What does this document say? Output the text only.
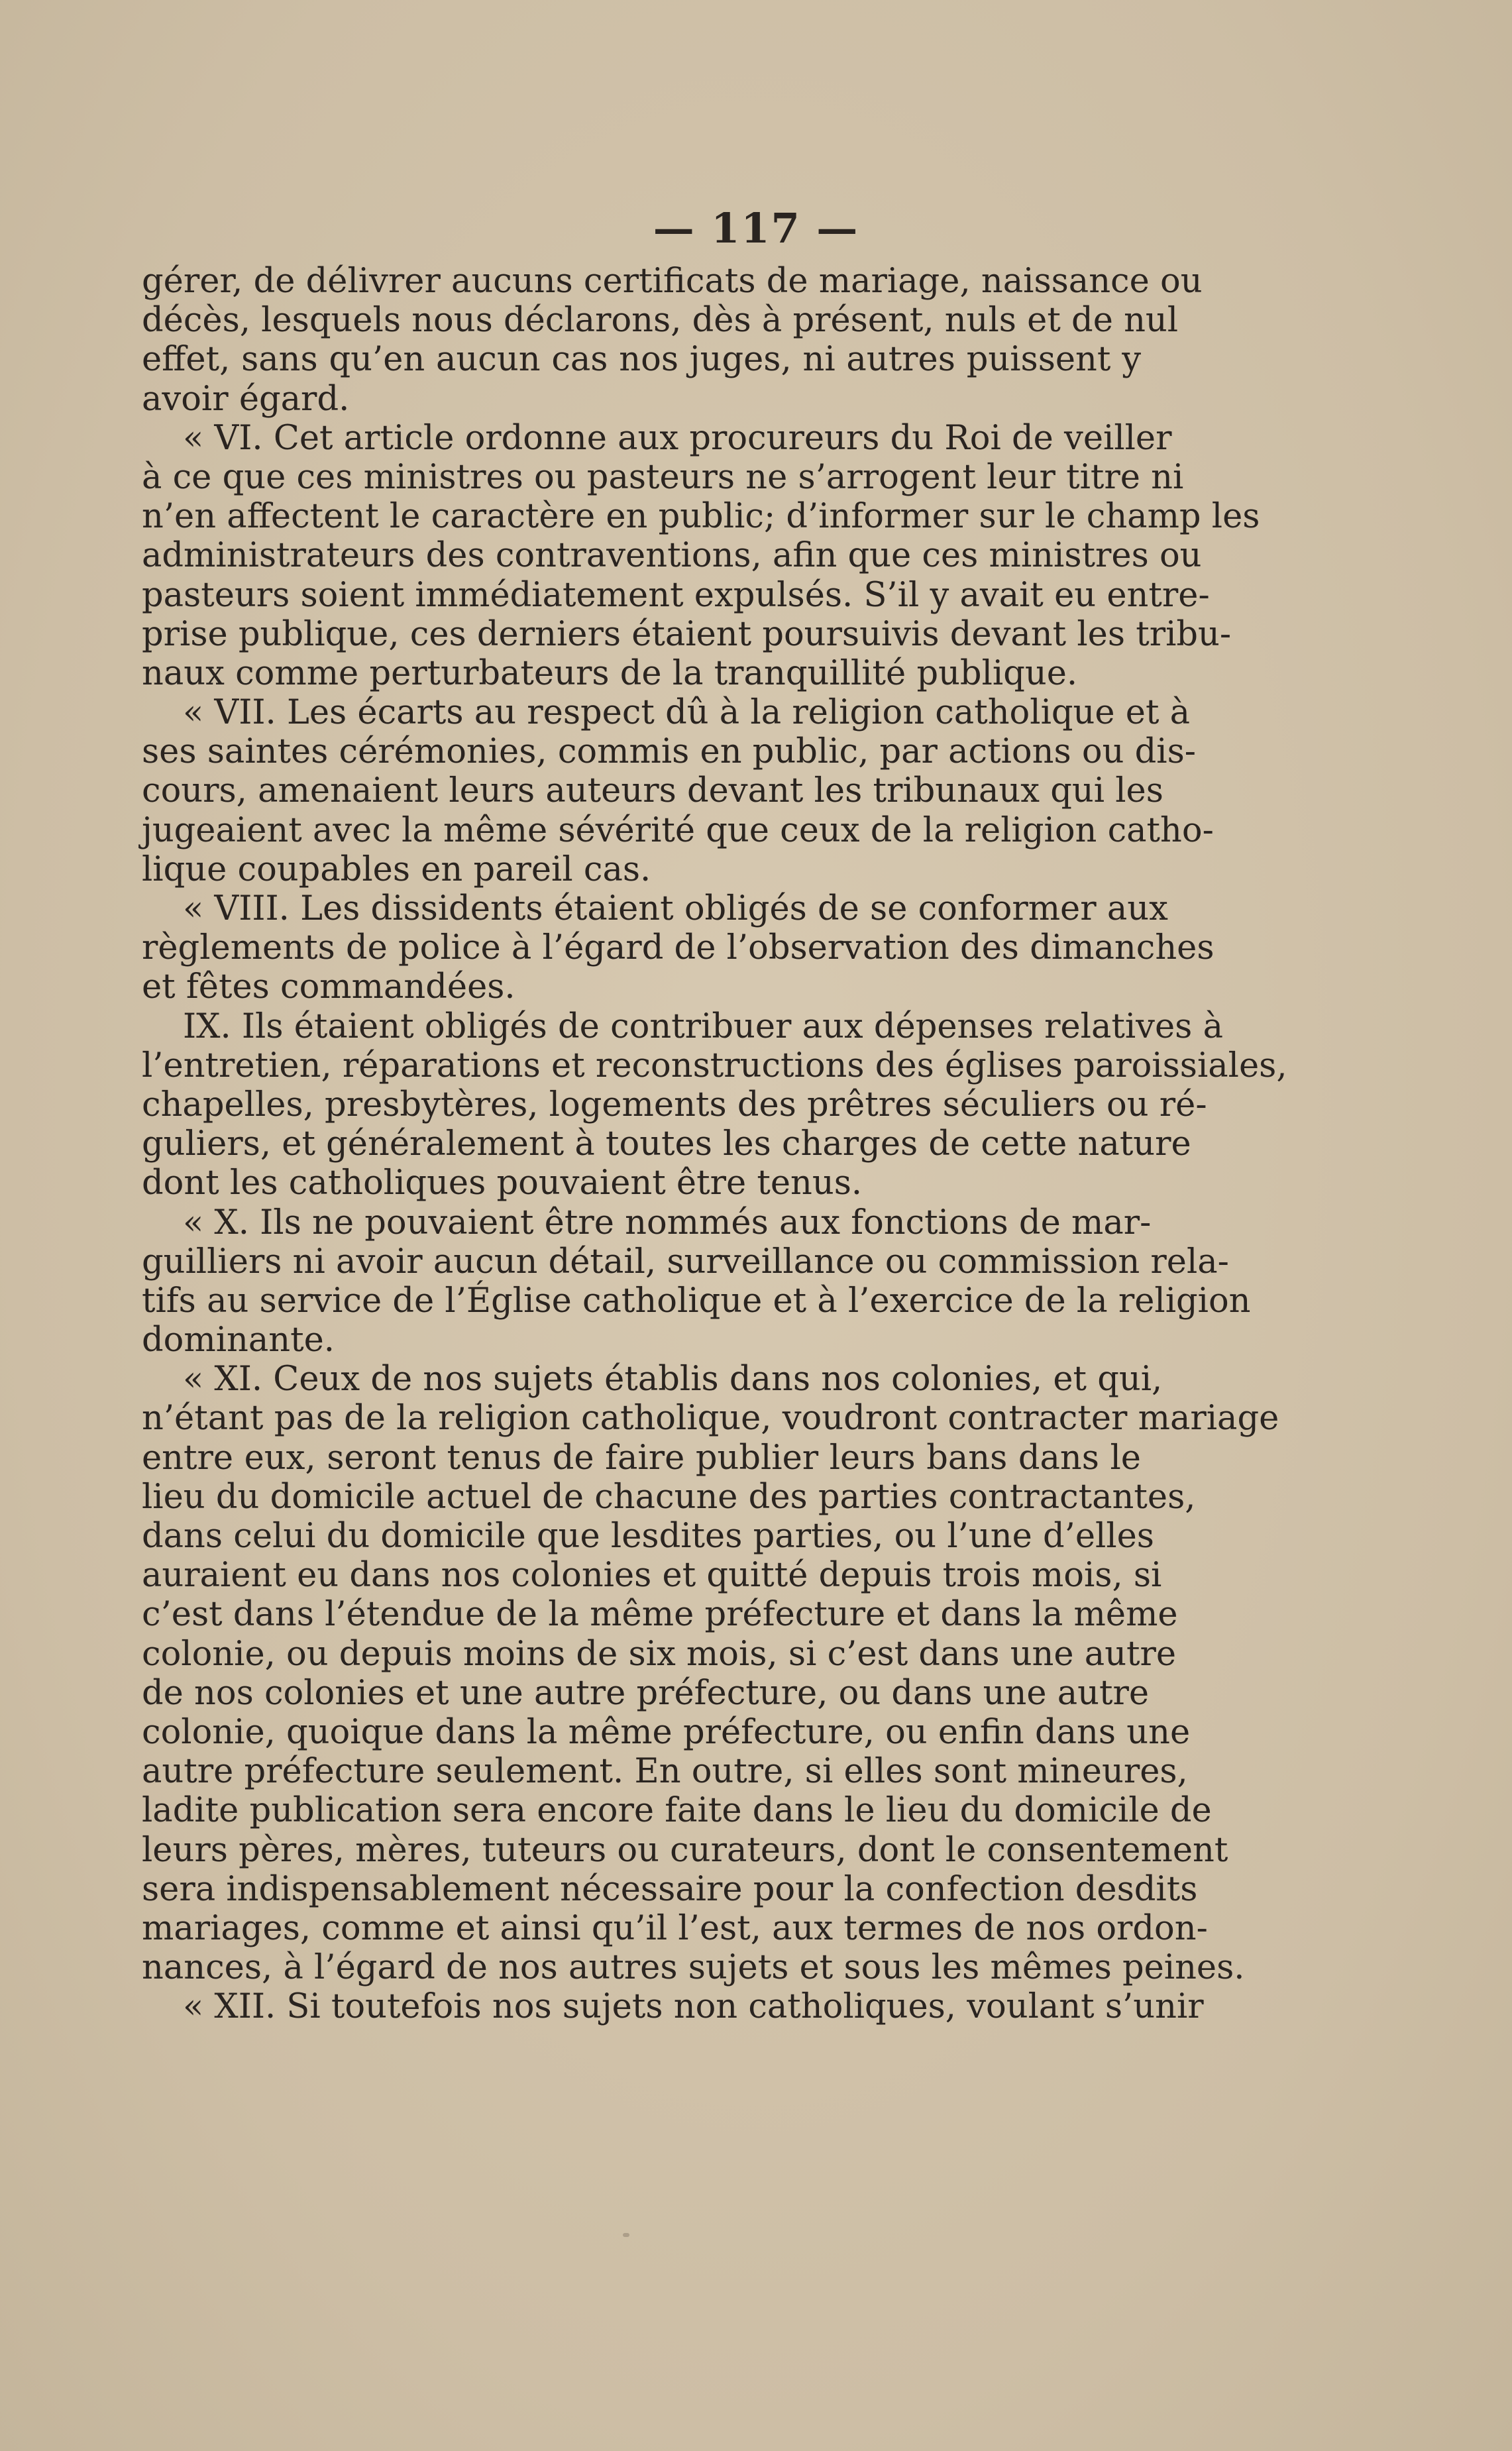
— 117 —
gérer, de délivrer aucuns certificats de mariage, naissance ou
décès, lesquels nous déclarons, dès à présent, nuls et de nul
effet, sans qu’en aucun cas nos juges, ni autres puissent y
avoir égard.
« VI. Cet article ordonne aux procureurs du Roi de veiller
à ce que ces ministres ou pasteurs ne s’arrogent leur titre ni
n’en affectent le caractère en public; d’informer sur le champ les
administrateurs des contraventions, afin que ces ministres ou
pasteurs soient immédiatement expulsés. S’il y avait eu entre-
prise publique, ces derniers étaient poursuivis devant les tribu-
naux comme perturbateurs de la tranquillité publique.
« VII. Les écarts au respect dû à la religion catholique et à
ses saintes cérémonies, commis en public, par actions ou dis-
cours, amenaient leurs auteurs devant les tribunaux qui les
jugeaient avec la même sévérité que ceux de la religion catho-
lique coupables en pareil cas.
« VIII. Les dissidents étaient obligés de se conformer aux
règlements de police à l’égard de l’observation des dimanches
et fêtes commandées.
IX. Ils étaient obligés de contribuer aux dépenses relatives à
l’entretien, réparations et reconstructions des églises paroissiales,
chapelles, presbytères, logements des prêtres séculiers ou ré-
guliers, et généralement à toutes les charges de cette nature
dont les catholiques pouvaient être tenus.
« X. Ils ne pouvaient être nommés aux fonctions de mar-
guilliers ni avoir aucun détail, surveillance ou commission rela-
tifs au service de l’Église catholique et à l’exercice de la religion
dominante.
« XI. Ceux de nos sujets établis dans nos colonies, et qui,
n’étant pas de la religion catholique, voudront contracter mariage
entre eux, seront tenus de faire publier leurs bans dans le
lieu du domicile actuel de chacune des parties contractantes,
dans celui du domicile que lesdites parties, ou l’une d’elles
auraient eu dans nos colonies et quitté depuis trois mois, si
c’est dans l’étendue de la même préfecture et dans la même
colonie, ou depuis moins de six mois, si c’est dans une autre
de nos colonies et une autre préfecture, ou dans une autre
colonie, quoique dans la même préfecture, ou enfin dans une
autre préfecture seulement. En outre, si elles sont mineures,
ladite publication sera encore faite dans le lieu du domicile de
leurs pères, mères, tuteurs ou curateurs, dont le consentement
sera indispensablement nécessaire pour la confection desdits
mariages, comme et ainsi qu’il l’est, aux termes de nos ordon-
nances, à l’égard de nos autres sujets et sous les mêmes peines.
« XII. Si toutefois nos sujets non catholiques, voulant s’unir
